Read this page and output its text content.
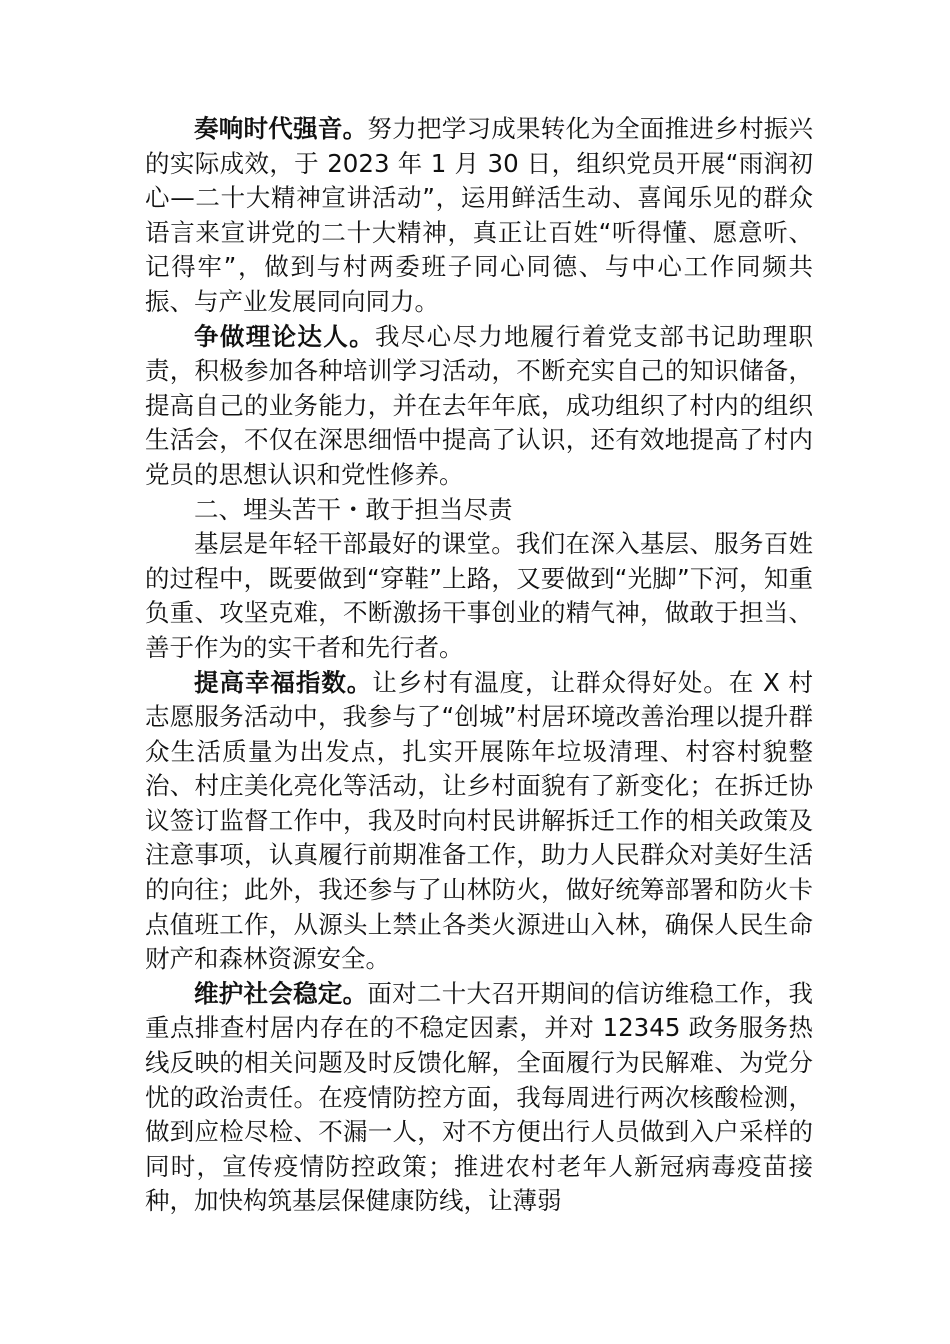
奏响时代强音。努力把学习成果转化为全面推进乡村振兴的实际成效，于 2023 年 1 月 30 日，组织党员开展“雨润初心—二十大精神宣讲活动”，运用鲜活生动、喜闻乐见的群众语言来宣讲党的二十大精神，真正让百姓“听得懂、愿意听、记得牢”，做到与村两委班子同心同德、与中心工作同频共振、与产业发展同向同力。

争做理论达人。我尽心尽力地履行着党支部书记助理职责，积极参加各种培训学习活动，不断充实自己的知识储备，提高自己的业务能力，并在去年年底，成功组织了村内的组织生活会，不仅在深思细悟中提高了认识，还有效地提高了村内党员的思想认识和党性修养。

二、埋头苦干・敢于担当尽责

基层是年轻干部最好的课堂。我们在深入基层、服务百姓的过程中，既要做到“穿鞋”上路，又要做到“光脚”下河，知重负重、攻坚克难，不断激扬干事创业的精气神，做敢于担当、善于作为的实干者和先行者。

提高幸福指数。让乡村有温度，让群众得好处。在 X 村志愿服务活动中，我参与了“创城”村居环境改善治理以提升群众生活质量为出发点，扎实开展陈年垃圾清理、村容村貌整治、村庄美化亮化等活动，让乡村面貌有了新变化；在拆迁协议签订监督工作中，我及时向村民讲解拆迁工作的相关政策及注意事项，认真履行前期准备工作，助力人民群众对美好生活的向往；此外，我还参与了山林防火，做好统筹部署和防火卡点值班工作，从源头上禁止各类火源进山入林，确保人民生命财产和森林资源安全。

维护社会稳定。面对二十大召开期间的信访维稳工作，我重点排查村居内存在的不稳定因素，并对 12345 政务服务热线反映的相关问题及时反馈化解，全面履行为民解难、为党分忧的政治责任。在疫情防控方面，我每周进行两次核酸检测，做到应检尽检、不漏一人，对不方便出行人员做到入户采样的同时，宣传疫情防控政策；推进农村老年人新冠病毒疫苗接种，加快构筑基层保健康防线，让薄弱
